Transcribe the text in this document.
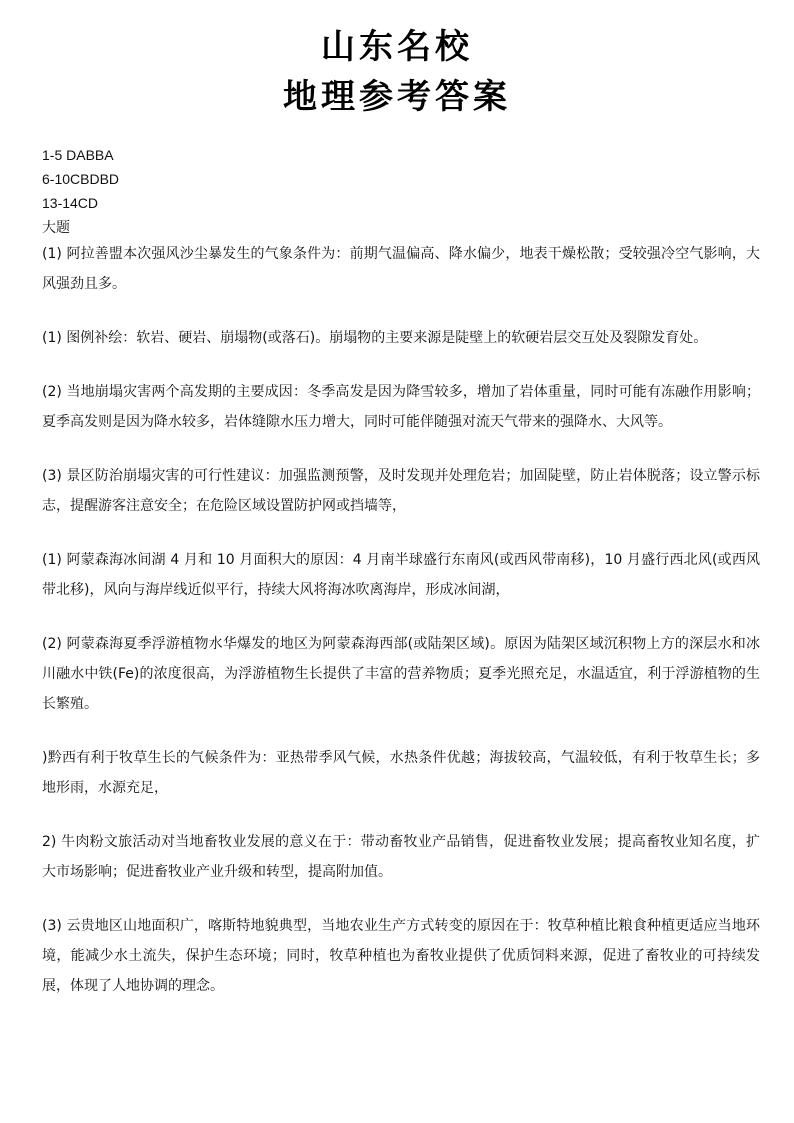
山东名校
地理参考答案
1-5 DABBA
6-10CBDBD
13-14CD
大题

(1) 阿拉善盟本次强风沙尘暴发生的气象条件为：前期气温偏高、降水偏少，地表干燥松散；受较强冷空气影响，大风强劲且多。

(1) 图例补绘：软岩、硬岩、崩塌物(或落石)。崩塌物的主要来源是陡壁上的软硬岩层交互处及裂隙发育处。

(2) 当地崩塌灾害两个高发期的主要成因：冬季高发是因为降雪较多，增加了岩体重量，同时可能有冻融作用影响；夏季高发则是因为降水较多，岩体缝隙水压力增大，同时可能伴随强对流天气带来的强降水、大风等。

(3) 景区防治崩塌灾害的可行性建议：加强监测预警，及时发现并处理危岩；加固陡壁，防止岩体脱落；设立警示标志，提醒游客注意安全；在危险区域设置防护网或挡墙等，

(1) 阿蒙森海冰间湖 4 月和 10 月面积大的原因：4 月南半球盛行东南风(或西风带南移)，10 月盛行西北风(或西风带北移)，风向与海岸线近似平行，持续大风将海冰吹离海岸，形成冰间湖，

(2) 阿蒙森海夏季浮游植物水华爆发的地区为阿蒙森海西部(或陆架区域)。原因为陆架区域沉积物上方的深层水和冰川融水中铁(Fe)的浓度很高，为浮游植物生长提供了丰富的营养物质；夏季光照充足，水温适宜，利于浮游植物的生长繁殖。

)黔西有利于牧草生长的气候条件为：亚热带季风气候，水热条件优越；海拔较高，气温较低，有利于牧草生长；多地形雨，水源充足，

2) 牛肉粉文旅活动对当地畜牧业发展的意义在于：带动畜牧业产品销售，促进畜牧业发展；提高畜牧业知名度，扩大市场影响；促进畜牧业产业升级和转型，提高附加值。

(3) 云贵地区山地面积广，喀斯特地貌典型，当地农业生产方式转变的原因在于：牧草种植比粮食种植更适应当地环境，能减少水土流失，保护生态环境；同时，牧草种植也为畜牧业提供了优质饲料来源，促进了畜牧业的可持续发展，体现了人地协调的理念。
